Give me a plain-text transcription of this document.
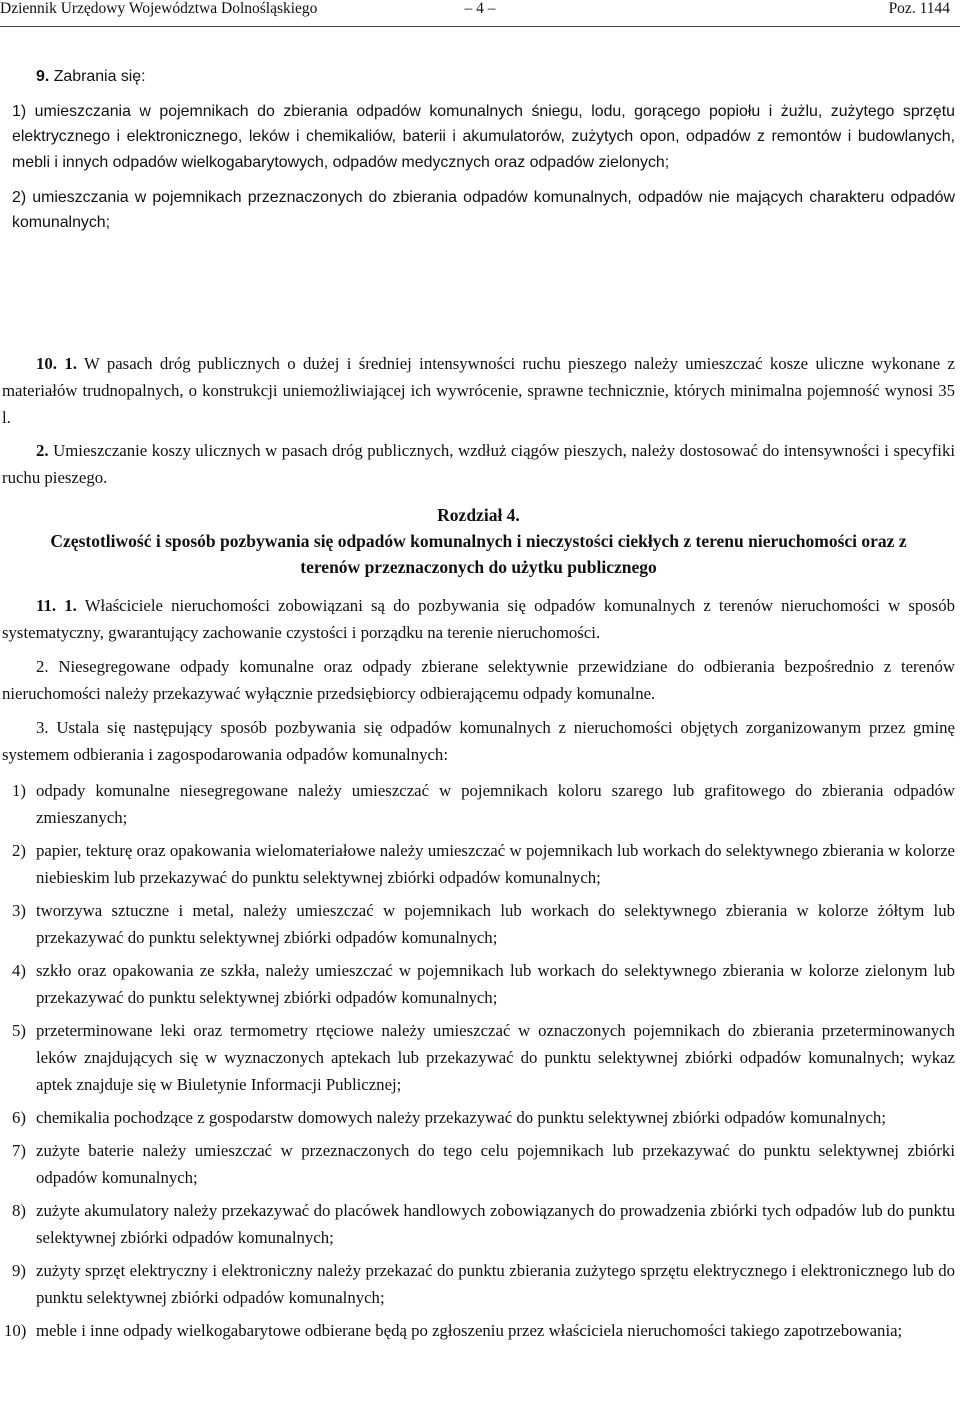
Dziennik Urzędowy Województwa Dolnośląskiego	– 4 –	Poz. 1144

9. Zabrania się:

1) umieszczania w pojemnikach do zbierania odpadów komunalnych śniegu, lodu, gorącego popiołu i żużlu, zużytego sprzętu elektrycznego i elektronicznego, leków i chemikaliów, baterii i akumulatorów, zużytych opon, odpadów z remontów i budowlanych, mebli i innych odpadów wielkogabarytowych, odpadów medycznych oraz odpadów zielonych;
2) umieszczania w pojemnikach przeznaczonych do zbierania odpadów komunalnych, odpadów nie mających charakteru odpadów komunalnych;

10. 1. W pasach dróg publicznych o dużej i średniej intensywności ruchu pieszego należy umieszczać kosze uliczne wykonane z materiałów trudnopalnych, o konstrukcji uniemożliwiającej ich wywrócenie, sprawne technicznie, których minimalna pojemność wynosi 35 l.

2. Umieszczanie koszy ulicznych w pasach dróg publicznych, wzdłuż ciągów pieszych, należy dostosować do intensywności i specyfiki ruchu pieszego.

Rozdział 4.
Częstotliwość i sposób pozbywania się odpadów komunalnych i nieczystości ciekłych z terenu nieruchomości oraz z terenów przeznaczonych do użytku publicznego

11. 1. Właściciele nieruchomości zobowiązani są do pozbywania się odpadów komunalnych z terenów nieruchomości w sposób systematyczny, gwarantujący zachowanie czystości i porządku na terenie nieruchomości.

2. Niesegregowane odpady komunalne oraz odpady zbierane selektywnie przewidziane do odbierania bezpośrednio z terenów nieruchomości należy przekazywać wyłącznie przedsiębiorcy odbierającemu odpady komunalne.

3. Ustala się następujący sposób pozbywania się odpadów komunalnych z nieruchomości objętych zorganizowanym przez gminę systemem odbierania i zagospodarowania odpadów komunalnych:

1) odpady komunalne niesegregowane należy umieszczać w pojemnikach koloru szarego lub grafitowego do zbierania odpadów zmieszanych;
2) papier, tekturę oraz opakowania wielomateriałowe należy umieszczać w pojemnikach lub workach do selektywnego zbierania w kolorze niebieskim lub przekazywać do punktu selektywnej zbiórki odpadów komunalnych;
3) tworzywa sztuczne i metal, należy umieszczać w pojemnikach lub workach do selektywnego zbierania w kolorze żółtym lub przekazywać do punktu selektywnej zbiórki odpadów komunalnych;
4) szkło oraz opakowania ze szkła, należy umieszczać w pojemnikach lub workach do selektywnego zbierania w kolorze zielonym lub przekazywać do punktu selektywnej zbiórki odpadów komunalnych;
5) przeterminowane leki oraz termometry rtęciowe należy umieszczać w oznaczonych pojemnikach do zbierania przeterminowanych leków znajdujących się w wyznaczonych aptekach lub przekazywać do punktu selektywnej zbiórki odpadów komunalnych; wykaz aptek znajduje się w Biuletynie Informacji Publicznej;
6) chemikalia pochodzące z gospodarstw domowych należy przekazywać do punktu selektywnej zbiórki odpadów komunalnych;
7) zużyte baterie należy umieszczać w przeznaczonych do tego celu pojemnikach lub przekazywać do punktu selektywnej zbiórki odpadów komunalnych;
8) zużyte akumulatory należy przekazywać do placówek handlowych zobowiązanych do prowadzenia zbiórki tych odpadów lub do punktu selektywnej zbiórki odpadów komunalnych;
9) zużyty sprzęt elektryczny i elektroniczny należy przekazać do punktu zbierania zużytego sprzętu elektrycznego i elektronicznego lub do punktu selektywnej zbiórki odpadów komunalnych;
10) meble i inne odpady wielkogabarytowe odbierane będą po zgłoszeniu przez właściciela nieruchomości takiego zapotrzebowania;
